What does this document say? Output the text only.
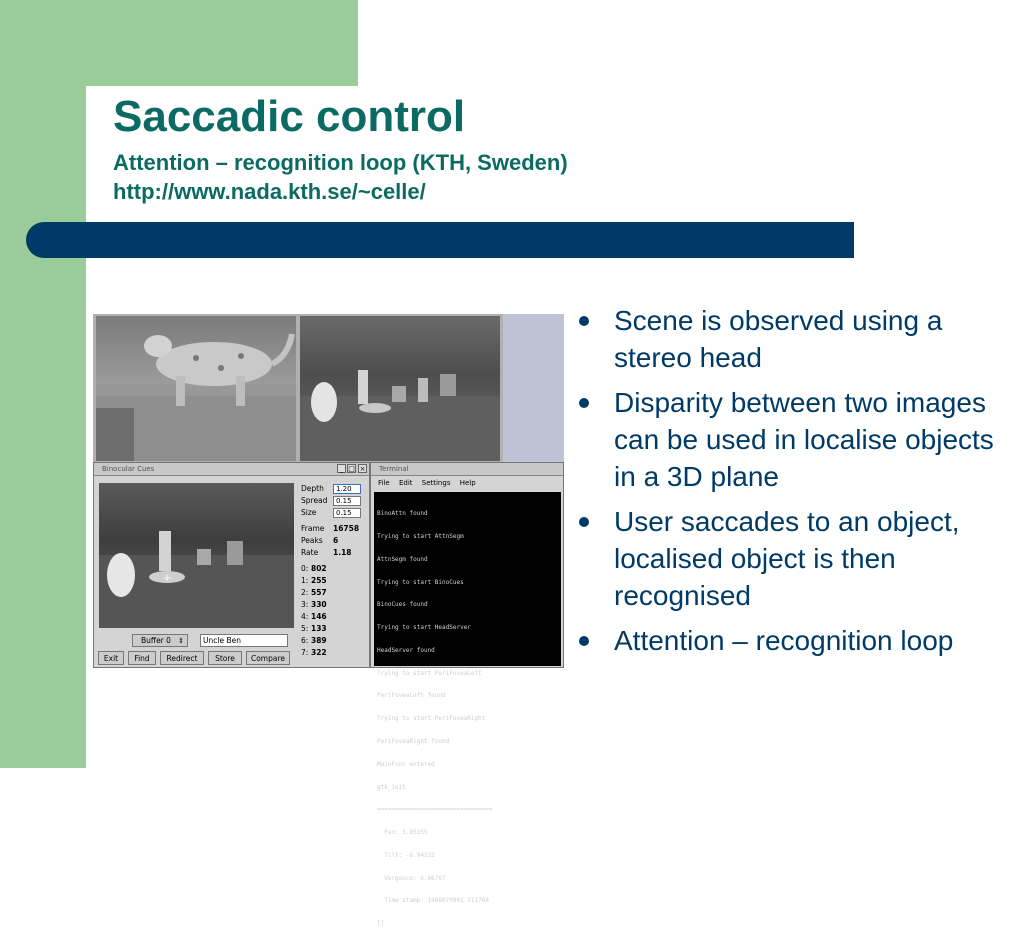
Saccadic control
Attention – recognition loop (KTH, Sweden)
http://www.nada.kth.se/~celle/
Binocular Cues	_ □ ×
+
Depth	1.20
Spread	0.15
Size	0.15
Frame 16758
Peaks 6
Rate 1.18
0: 802
1: 255
2: 557
3: 330
4: 146
5: 133
6: 389
7: 322
Buffer 0 ⇕	Uncle Ben
Exit	Find	Redirect	Store	Compare
Terminal
File Edit Settings Help

BinoAttn found

Trying to start AttnSegm

AttnSegm found

Trying to start BinoCues

BinoCues found

Trying to start HeadServer

HeadServer found

Trying to start PeriFoveaLeft

PeriFoveaLeft found

Trying to start PeriFoveaRight

PeriFoveaRight found

MainFunc entered

gtk_init

================================

Pan: 5.85355

Tilt: -6.94132

Vergence: 6.66707

Time stamp: 1068070901 711704

[]

Scene is observed using a stereo head
Disparity between two images can be used in localise objects in a 3D plane
User saccades to an object, localised object is then recognised
Attention – recognition loop
